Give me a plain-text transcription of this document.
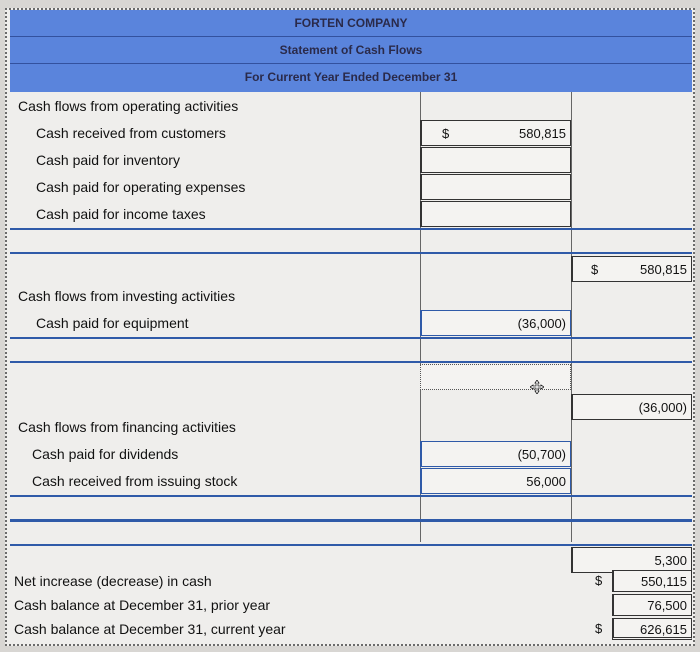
FORTEN COMPANY
Statement of Cash Flows
For Current Year Ended December 31
Cash flows from operating activities
Cash received from customers	$	580,815
Cash paid for inventory
Cash paid for operating expenses
Cash paid for income taxes
$	580,815
Cash flows from investing activities
Cash paid for equipment	(36,000)
(36,000)
Cash flows from financing activities
Cash paid for dividends	(50,700)
Cash received from issuing stock	56,000
5,300
Net increase (decrease) in cash	$	550,115
Cash balance at December 31, prior year	76,500
Cash balance at December 31, current year	$	626,615
